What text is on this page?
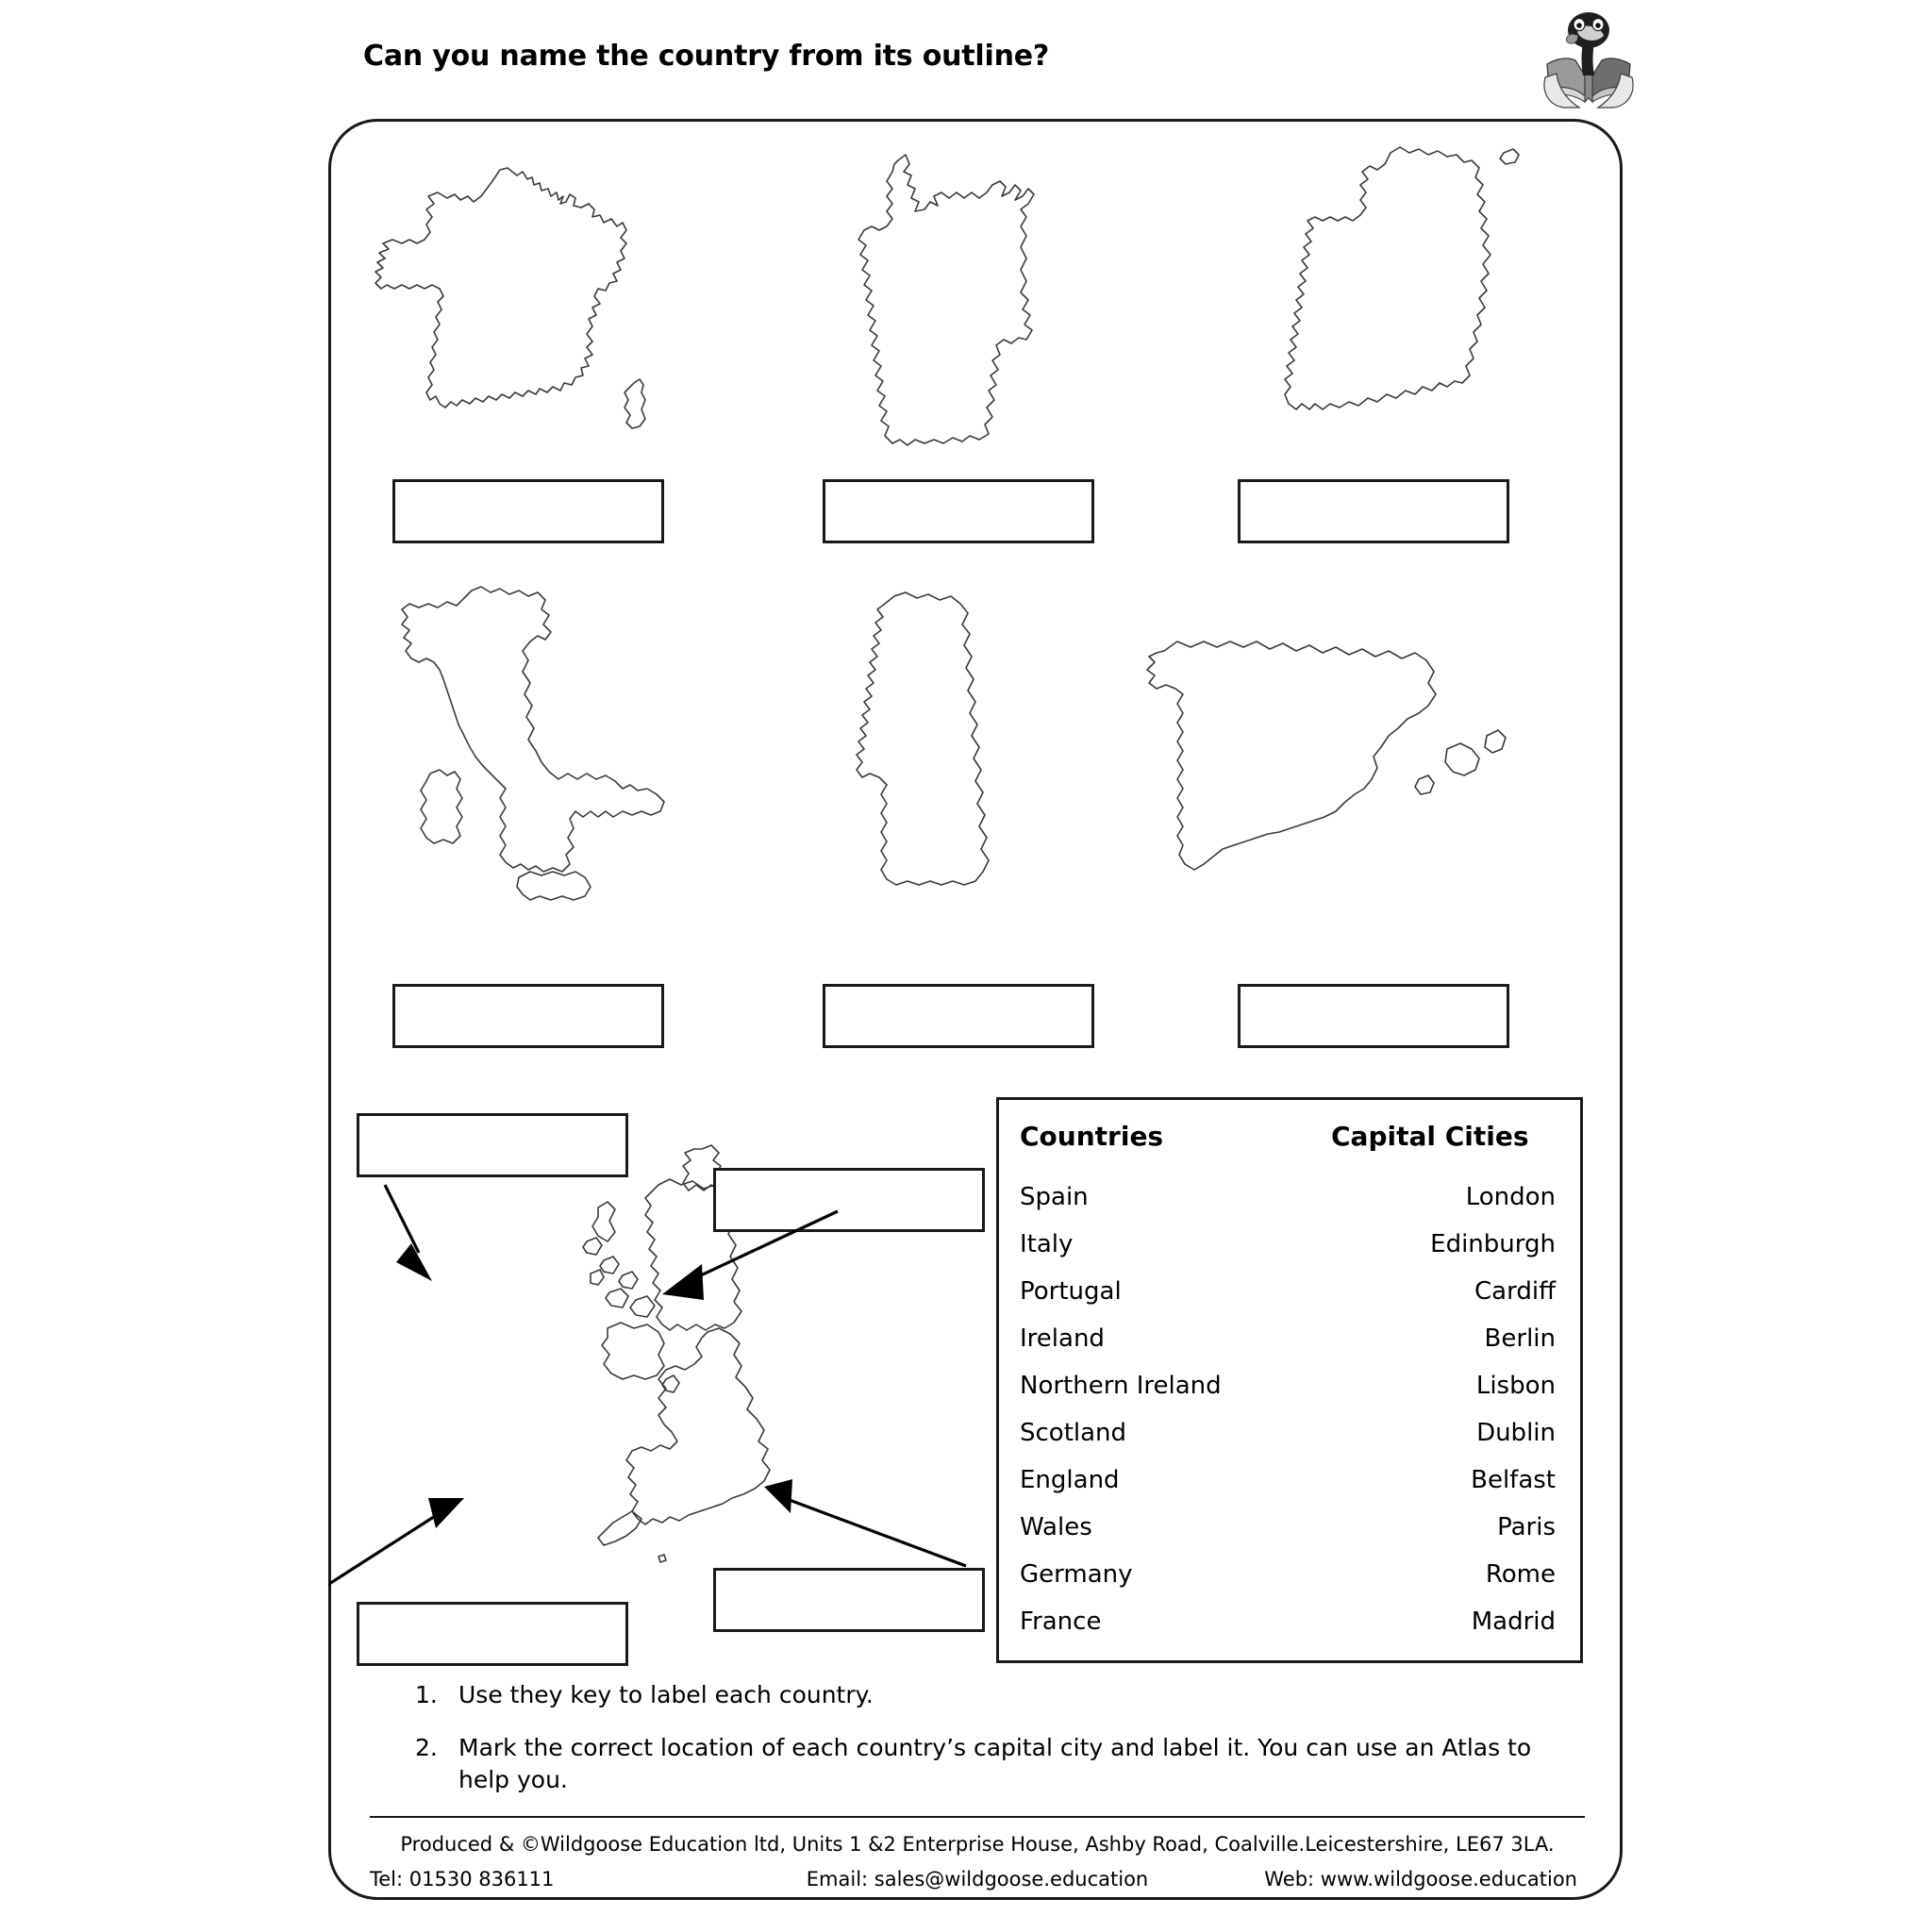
Can you name the country from its outline?
Countries	Capital Cities
Spain	London
Italy	Edinburgh
Portugal	Cardiff
Ireland	Berlin
Northern Ireland	Lisbon
Scotland	Dublin
England	Belfast
Wales	Paris
Germany	Rome
France	Madrid
1. Use they key to label each country.
2. Mark the correct location of each country’s capital city and label it. You can use an Atlas to help you.
Produced & ©Wildgoose Education ltd, Units 1 &2 Enterprise House, Ashby Road, Coalville.Leicestershire, LE67 3LA.
Tel: 01530 836111	Email: sales@wildgoose.education	Web: www.wildgoose.education
